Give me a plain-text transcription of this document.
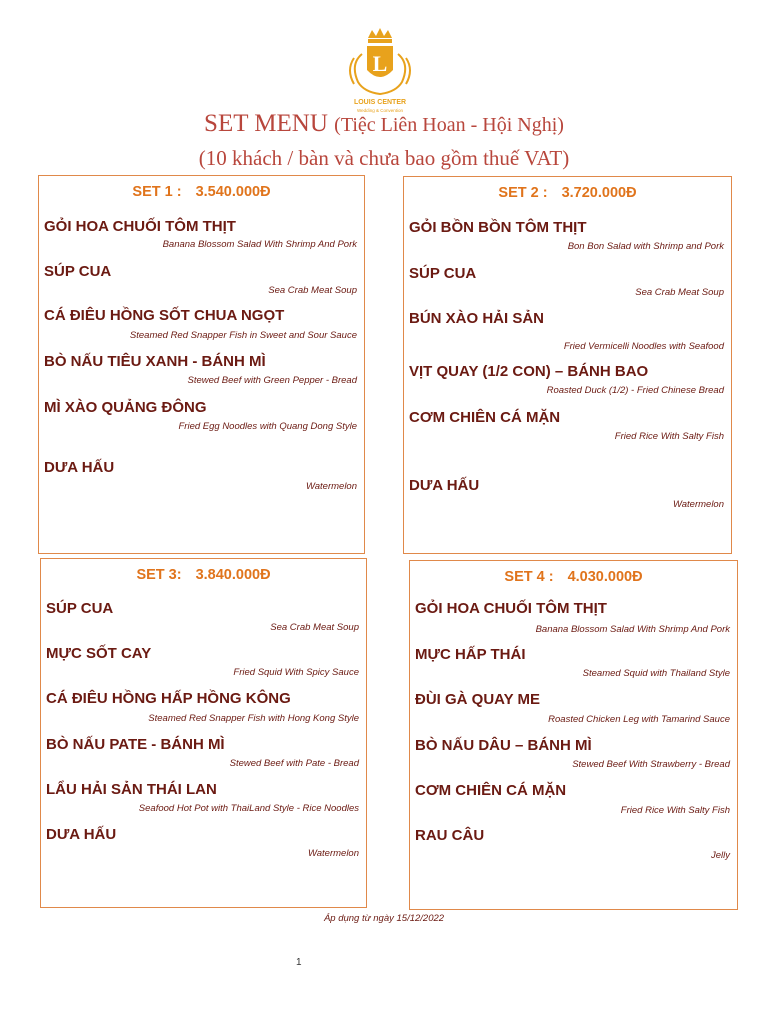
L
LOUIS CENTER
Wedding & Convention
SET MENU (Tiệc Liên Hoan - Hội Nghị)
(10 khách / bàn và chưa bao gồm thuế VAT)
SET 1 : 3.540.000Đ
GỎI HOA CHUỐI TÔM THỊT
Banana Blossom Salad With Shrimp And Pork
SÚP CUA
Sea Crab Meat Soup
CÁ ĐIÊU HỒNG SỐT CHUA NGỌT
Steamed Red Snapper Fish in Sweet and Sour Sauce
BÒ NẤU TIÊU XANH - BÁNH MÌ
Stewed Beef with Green Pepper - Bread
MÌ XÀO QUẢNG ĐÔNG
Fried Egg Noodles with Quang Dong Style
DƯA HẤU
Watermelon
SET 2 : 3.720.000Đ
GỎI BỒN BỒN TÔM THỊT
Bon Bon Salad with Shrimp and Pork
SÚP CUA
Sea Crab Meat Soup
BÚN XÀO HẢI SẢN
Fried Vermicelli Noodles with Seafood
VỊT QUAY (1/2 CON) – BÁNH BAO
Roasted Duck (1/2) - Fried Chinese Bread
CƠM CHIÊN CÁ MẶN
Fried Rice With Salty Fish
DƯA HẤU
Watermelon
SET 3: 3.840.000Đ
SÚP CUA
Sea Crab Meat Soup
MỰC SỐT CAY
Fried Squid With Spicy Sauce
CÁ ĐIÊU HỒNG HẤP HỒNG KÔNG
Steamed Red Snapper Fish with Hong Kong Style
BÒ NẤU PATE - BÁNH MÌ
Stewed Beef with Pate - Bread
LẨU HẢI SẢN THÁI LAN
Seafood Hot Pot with ThaiLand Style - Rice Noodles
DƯA HẤU
Watermelon
SET 4 : 4.030.000Đ
GỎI HOA CHUỐI TÔM THỊT
Banana Blossom Salad With Shrimp And Pork
MỰC HẤP THÁI
Steamed Squid with Thailand Style
ĐÙI GÀ QUAY ME
Roasted Chicken Leg with Tamarind Sauce
BÒ NẤU DÂU – BÁNH MÌ
Stewed Beef With Strawberry - Bread
CƠM CHIÊN CÁ MẶN
Fried Rice With Salty Fish
RAU CÂU
Jelly
Áp dụng từ ngày 15/12/2022
1
